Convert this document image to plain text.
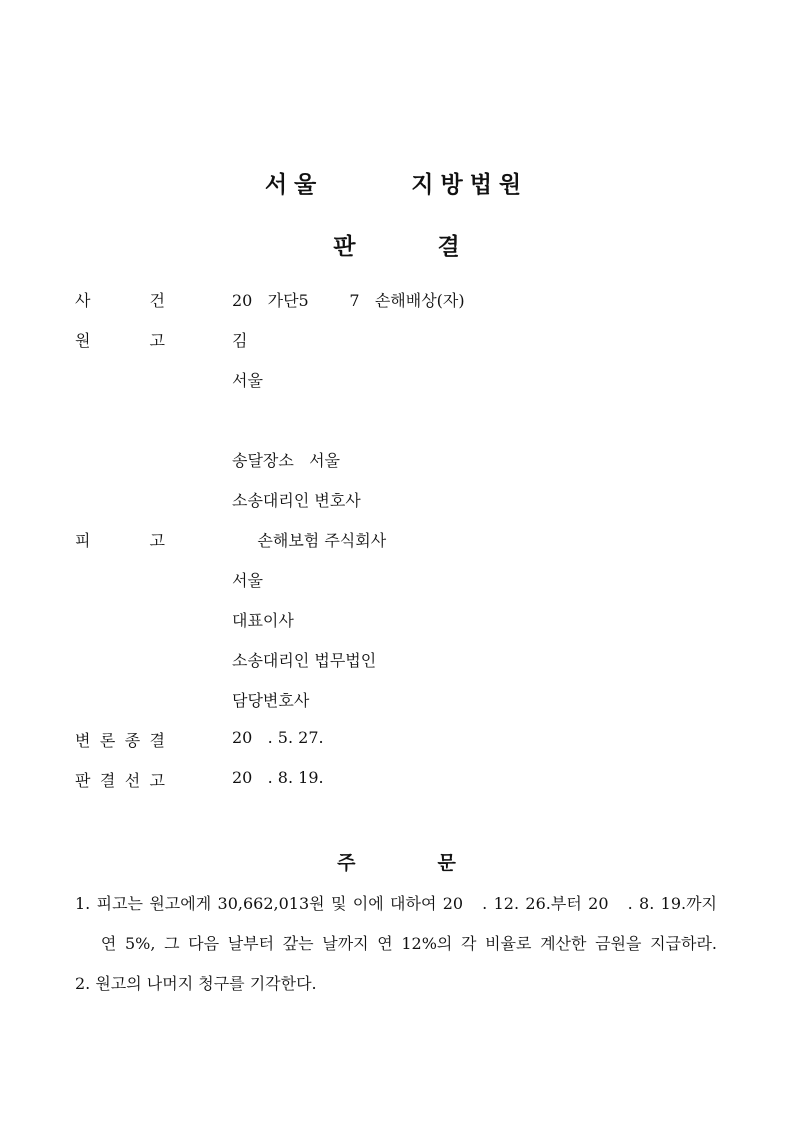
서울	지방법원
판	결
사	건	20   가단5        7   손해배상(자)
원	고	김
서울
송달장소   서울
소송대리인 변호사
피	고	손해보험 주식회사
서울
대표이사
소송대리인 법무법인
담당변호사
변 론 종 결	20   . 5. 27.
판 결 선 고	20   . 8. 19.
주	문
1. 피고는 원고에게 30,662,013원 및 이에 대하여 20   . 12. 26.부터 20   . 8. 19.까지
연 5%, 그 다음 날부터 갚는 날까지 연 12%의 각 비율로 계산한 금원을 지급하라.
2. 원고의 나머지 청구를 기각한다.
